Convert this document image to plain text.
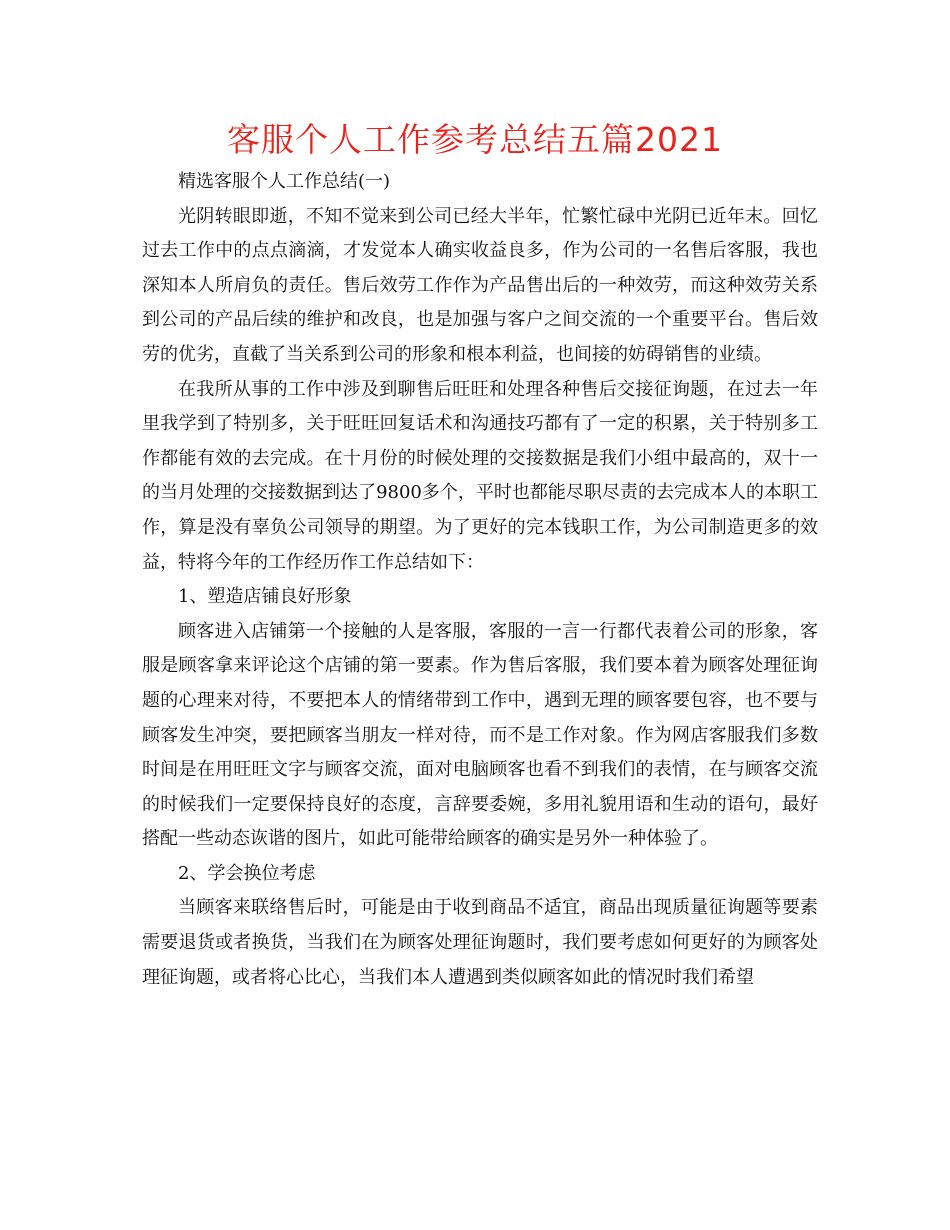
客服个人工作参考总结五篇2021

精选客服个人工作总结(一)

光阴转眼即逝，不知不觉来到公司已经大半年，忙繁忙碌中光阴已近年末。回忆过去工作中的点点滴滴，才发觉本人确实收益良多，作为公司的一名售后客服，我也深知本人所肩负的责任。售后效劳工作作为产品售出后的一种效劳，而这种效劳关系到公司的产品后续的维护和改良，也是加强与客户之间交流的一个重要平台。售后效劳的优劣，直截了当关系到公司的形象和根本利益，也间接的妨碍销售的业绩。

在我所从事的工作中涉及到聊售后旺旺和处理各种售后交接征询题，在过去一年里我学到了特别多，关于旺旺回复话术和沟通技巧都有了一定的积累，关于特别多工作都能有效的去完成。在十月份的时候处理的交接数据是我们小组中最高的，双十一的当月处理的交接数据到达了9800多个，平时也都能尽职尽责的去完成本人的本职工作，算是没有辜负公司领导的期望。为了更好的完本钱职工作，为公司制造更多的效益，特将今年的工作经历作工作总结如下：

1、塑造店铺良好形象

顾客进入店铺第一个接触的人是客服，客服的一言一行都代表着公司的形象，客服是顾客拿来评论这个店铺的第一要素。作为售后客服，我们要本着为顾客处理征询题的心理来对待，不要把本人的情绪带到工作中，遇到无理的顾客要包容，也不要与顾客发生冲突，要把顾客当朋友一样对待，而不是工作对象。作为网店客服我们多数时间是在用旺旺文字与顾客交流，面对电脑顾客也看不到我们的表情，在与顾客交流的时候我们一定要保持良好的态度，言辞要委婉，多用礼貌用语和生动的语句，最好搭配一些动态诙谐的图片，如此可能带给顾客的确实是另外一种体验了。

2、学会换位考虑

当顾客来联络售后时，可能是由于收到商品不适宜，商品出现质量征询题等要素需要退货或者换货，当我们在为顾客处理征询题时，我们要考虑如何更好的为顾客处理征询题，或者将心比心，当我们本人遭遇到类似顾客如此的情况时我们希望
